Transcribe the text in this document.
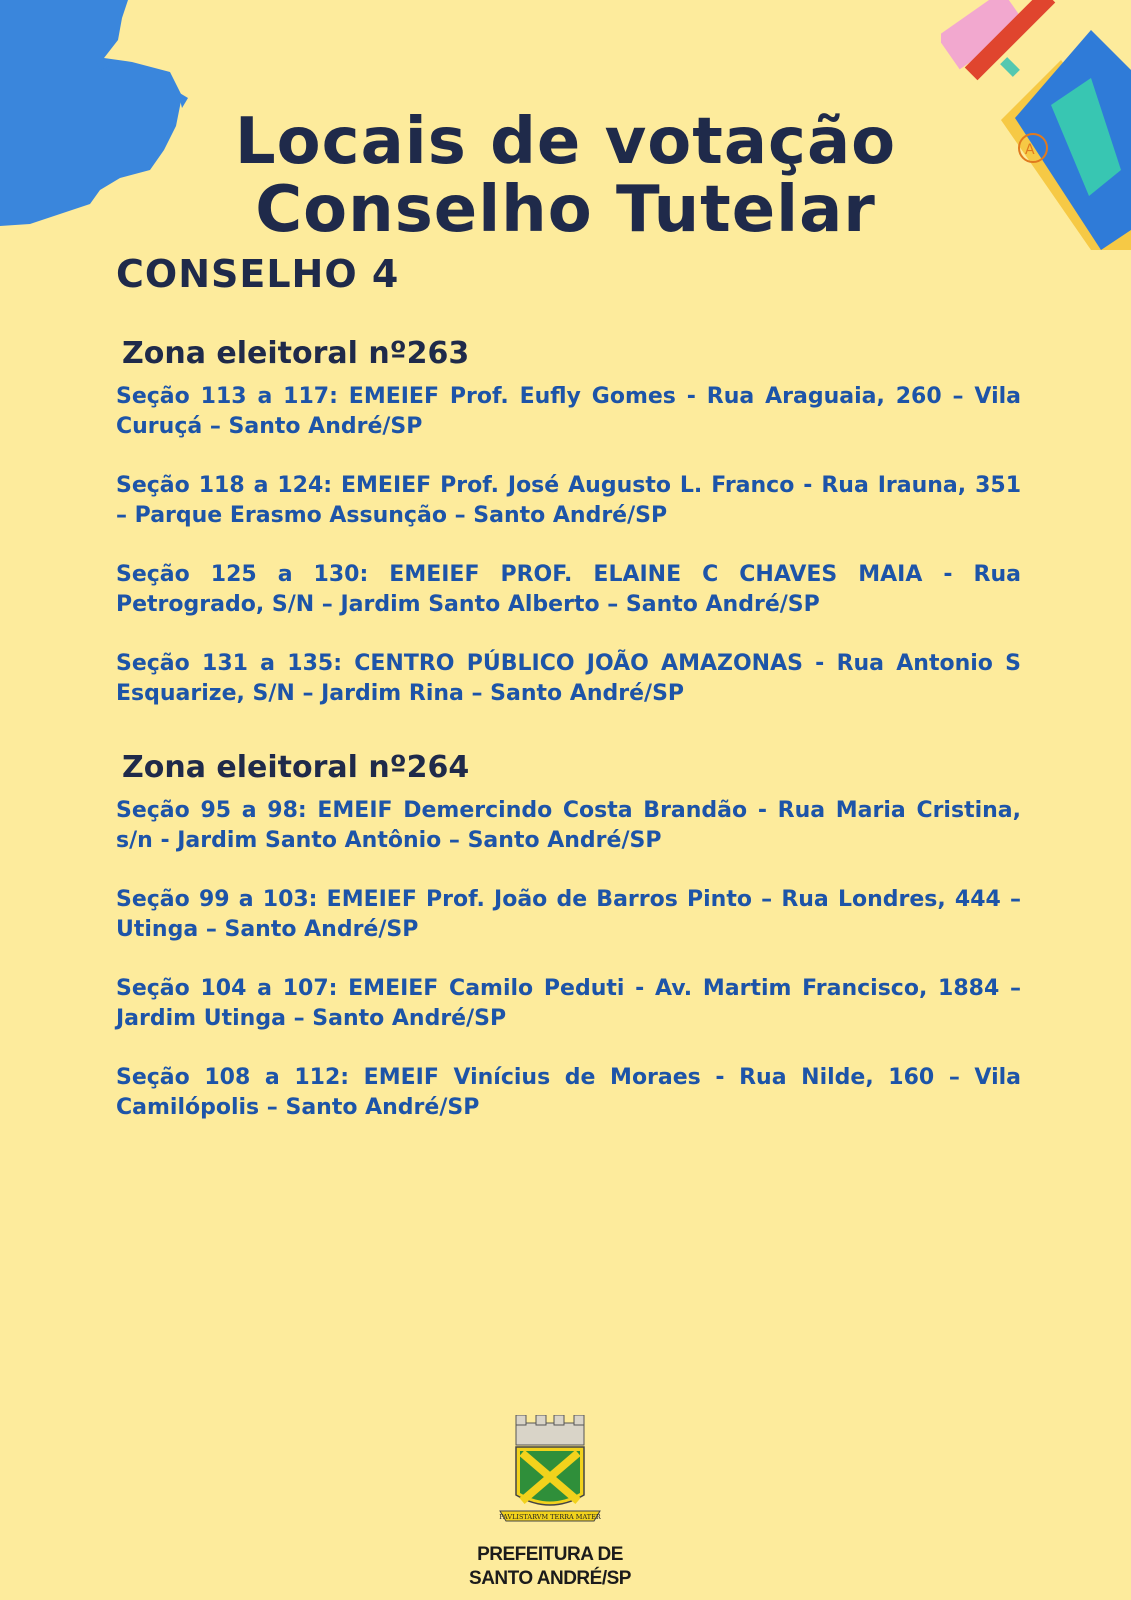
A
Locais de votação
Conselho Tutelar
CONSELHO 4
Zona eleitoral nº263

Seção 113 a 117: EMEIEF Prof. Eufly Gomes - Rua Araguaia, 260 – Vila Curuçá – Santo André/SP

Seção 118 a 124: EMEIEF Prof. José Augusto L. Franco - Rua Irauna, 351 – Parque Erasmo Assunção – Santo André/SP

Seção 125 a 130: EMEIEF PROF. ELAINE C CHAVES MAIA - Rua Petrogrado, S/N – Jardim Santo Alberto – Santo André/SP

Seção 131 a 135: CENTRO PÚBLICO JOÃO AMAZONAS - Rua Antonio S Esquarize, S/N – Jardim Rina – Santo André/SP

Zona eleitoral nº264

Seção 95 a 98: EMEIF Demercindo Costa Brandão - Rua Maria Cristina, s/n - Jardim Santo Antônio – Santo André/SP

Seção 99 a 103: EMEIEF Prof. João de Barros Pinto – Rua Londres, 444 – Utinga – Santo André/SP

Seção 104 a 107: EMEIEF Camilo Peduti - Av. Martim Francisco, 1884 – Jardim Utinga – Santo André/SP

Seção 108 a 112: EMEIF Vinícius de Moraes - Rua Nilde, 160 – Vila Camilópolis – Santo André/SP

PAVLISTARVM TERRA MATER
PREFEITURA DE
SANTO ANDRÉ/SP
